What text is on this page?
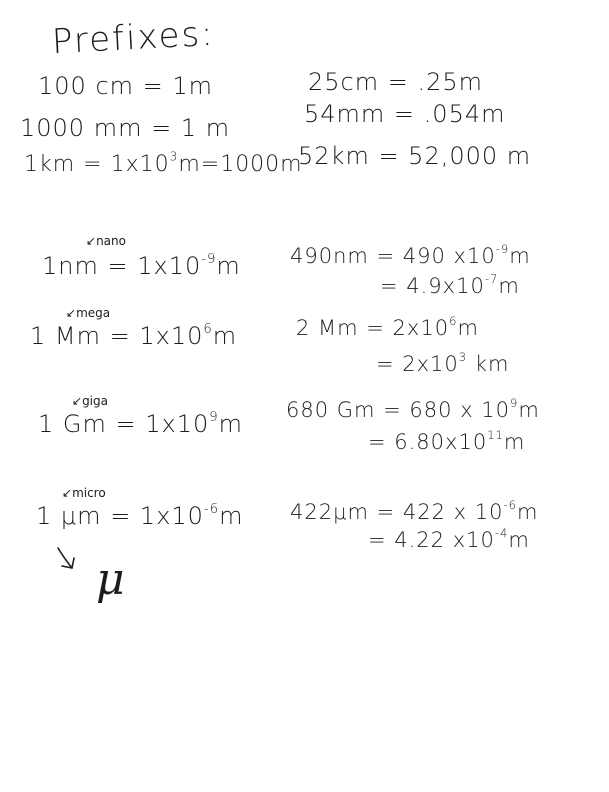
Prefixes:
100 cm = 1m
1000 mm = 1 m
$1km = 1x10^3m=1000m$
25cm = .25m
54mm = .054m
52km = 52,000 m
↙nano
$1nm = 1x10^{-9}m$ 490nm = 490 $x10^{-9}m$
= $4.9x10^{-7}m$
↙mega
1 $Mm = 1x10^6m$	2 $Mm = 2x10^6m$
= $2x10^3$ km
↙giga
1 $Gm = 1x10^9m$ 680 Gm = 680 x $10^9m$
= $6.80x10^{11}m$
↙micro
1 $\mu m = 1x10^{-6}m$ 422μm = 422 x $10^{-6}m$
= 4.22 $x10^{-4}m$
μ
